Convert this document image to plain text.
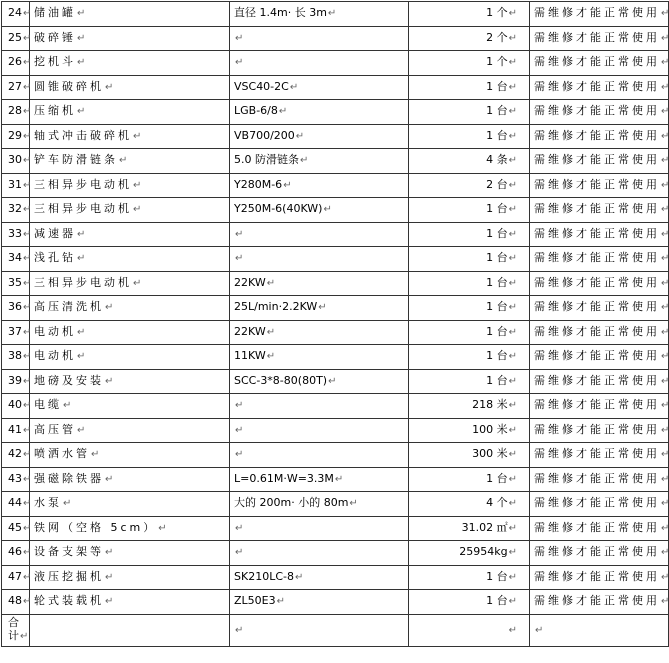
24↵	储油罐↵	直径 1.4m· 长 3m↵	1 个↵	需维修才能正常使用↵
25↵	破碎锤↵	↵	2 个↵	需维修才能正常使用↵
26↵	挖机斗↵	↵	1 个↵	需维修才能正常使用↵
27↵	圆锥破碎机↵	VSC40-2C↵	1 台↵	需维修才能正常使用↵
28↵	压缩机↵	LGB-6/8↵	1 台↵	需维修才能正常使用↵
29↵	轴式冲击破碎机↵	VB700/200↵	1 台↵	需维修才能正常使用↵
30↵	铲车防滑链条↵	5.0 防滑链条↵	4 条↵	需维修才能正常使用↵
31↵	三相异步电动机↵	Y280M-6↵	2 台↵	需维修才能正常使用↵
32↵	三相异步电动机↵	Y250M-6(40KW)↵	1 台↵	需维修才能正常使用↵
33↵	减速器↵	↵	1 台↵	需维修才能正常使用↵
34↵	浅孔钻↵	↵	1 台↵	需维修才能正常使用↵
35↵	三相异步电动机↵	22KW↵	1 台↵	需维修才能正常使用↵
36↵	高压清洗机↵	25L/min·2.2KW↵	1 台↵	需维修才能正常使用↵
37↵	电动机↵	22KW↵	1 台↵	需维修才能正常使用↵
38↵	电动机↵	11KW↵	1 台↵	需维修才能正常使用↵
39↵	地磅及安装↵	SCC-3*8-80(80T)↵	1 台↵	需维修才能正常使用↵
40↵	电缆↵	↵	218 米↵	需维修才能正常使用↵
41↵	高压管↵	↵	100 米↵	需维修才能正常使用↵
42↵	喷洒水管↵	↵	300 米↵	需维修才能正常使用↵
43↵	强磁除铁器↵	L=0.61M·W=3.3M↵	1 台↵	需维修才能正常使用↵
44↵	水泵↵	大的 200m· 小的 80m↵	4 个↵	需维修才能正常使用↵
45↵	铁网（空格 5cm）↵	↵	31.02 ㎡↵	需维修才能正常使用↵
46↵	设备支架等↵	↵	25954kg↵	需维修才能正常使用↵
47↵	液压挖掘机↵	SK210LC-8↵	1 台↵	需维修才能正常使用↵
48↵	轮式装载机↵	ZL50E3↵	1 台↵	需维修才能正常使用↵

合
计↵		↵	↵	↵
